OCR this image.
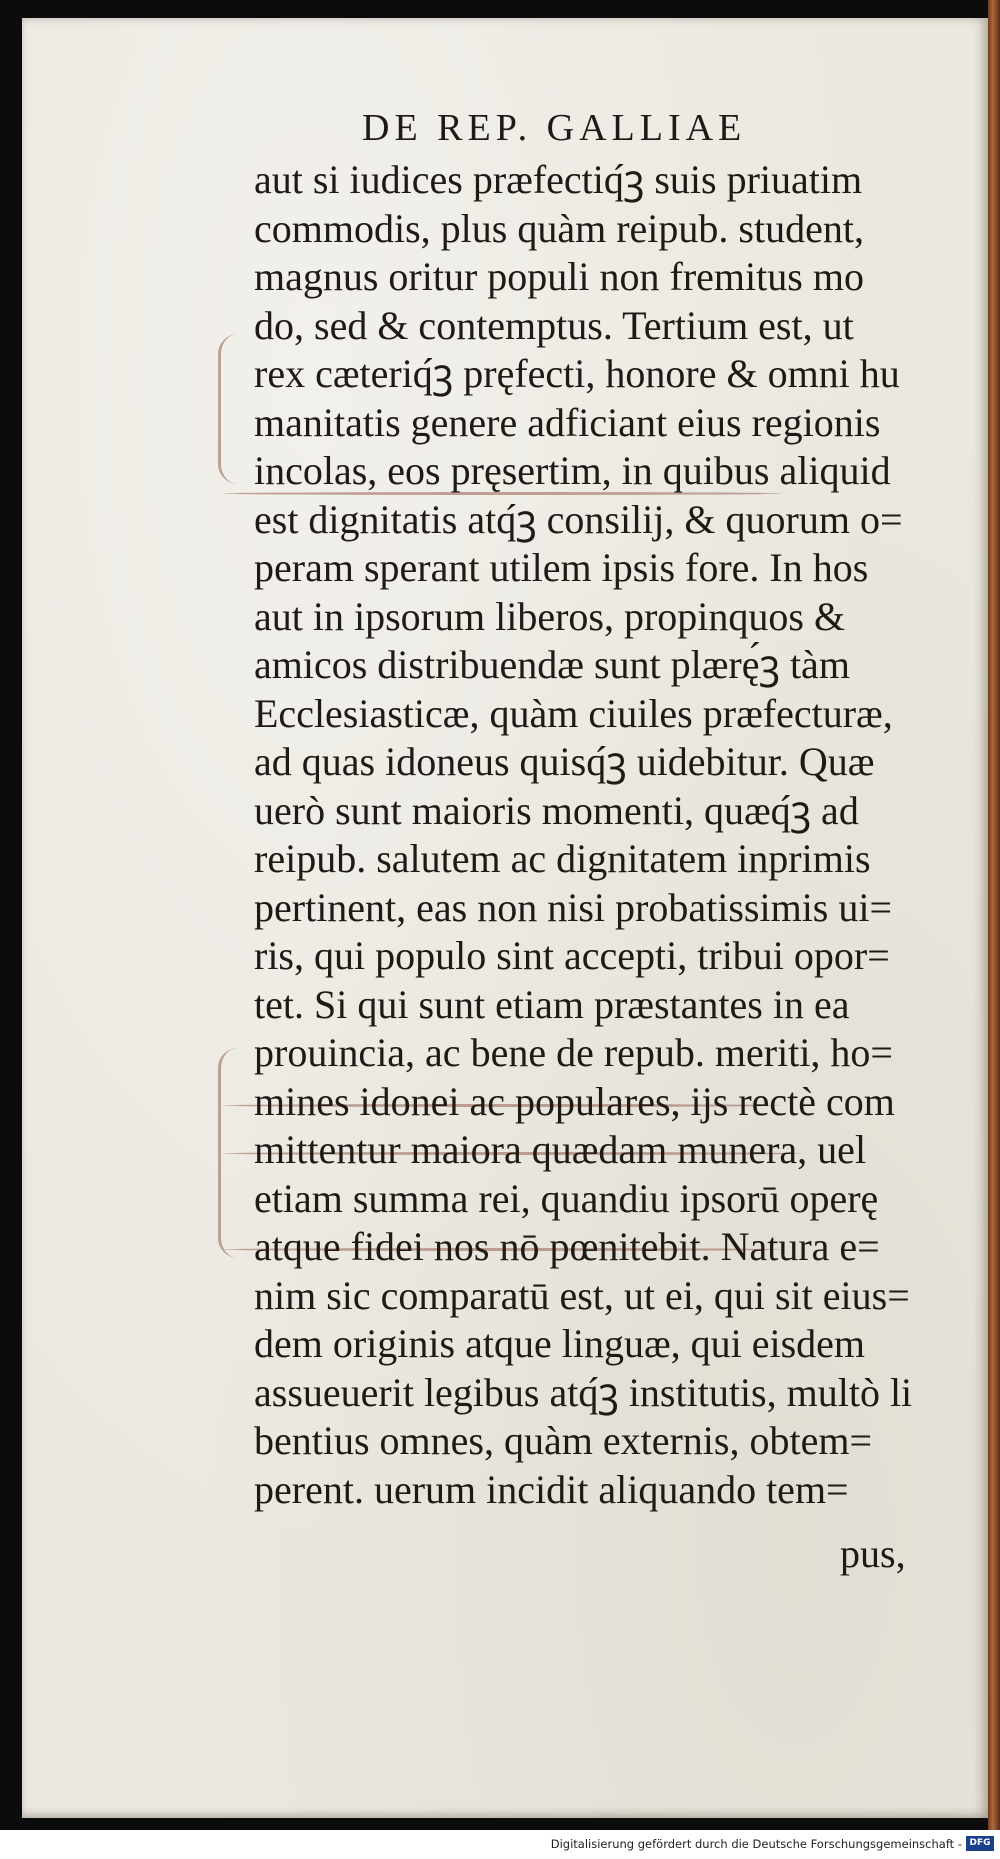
DE REP. GALLIAE
aut si iudices præfectiq́ꝫ suis priuatim
commodis, plus quàm reipub. student,
magnus oritur populi non fremitus mo
do, sed & contemptus. Tertium est, ut
rex cæteriq́ꝫ pręfecti, honore & omni hu
manitatis genere adficiant eius regionis
incolas, eos pręsertim, in quibus aliquid
est dignitatis atq́ꝫ consilij, & quorum o=
peram sperant utilem ipsis fore. In hos
aut in ipsorum liberos, propinquos &
amicos distribuendæ sunt plærę́ꝫ tàm
Ecclesiasticæ, quàm ciuiles præfecturæ,
ad quas idoneus quisq́ꝫ uidebitur. Quæ
uerò sunt maioris momenti, quæq́ꝫ ad
reipub. salutem ac dignitatem inprimis
pertinent, eas non nisi probatissimis ui=
ris, qui populo sint accepti, tribui opor=
tet. Si qui sunt etiam præstantes in ea
prouincia, ac bene de repub. meriti, ho=
mines idonei ac populares, ijs rectè com
mittentur maiora quædam munera, uel
etiam summa rei, quandiu ipsorū operę
atque fidei nos nō pœnitebit. Natura e=
nim sic comparatū est, ut ei, qui sit eius=
dem originis atque linguæ, qui eisdem
assueuerit legibus atq́ꝫ institutis, multò li
bentius omnes, quàm externis, obtem=
perent. uerum incidit aliquando tem=
pus,
Digitalisierung gefördert durch die Deutsche Forschungsgemeinschaft - DFG
